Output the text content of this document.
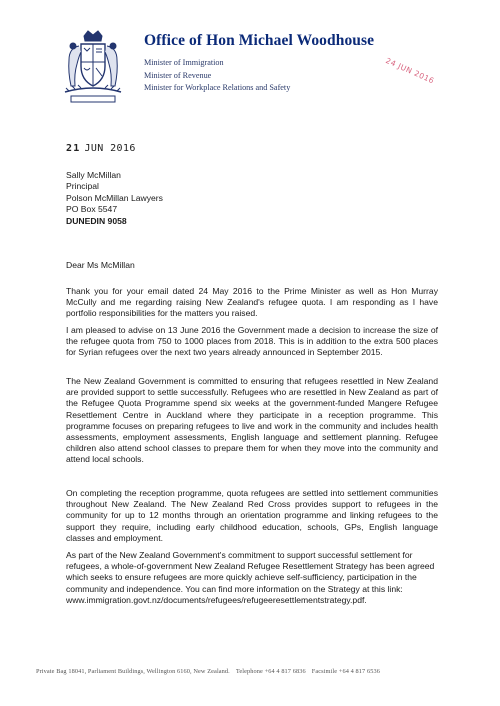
Office of Hon Michael Woodhouse
Minister of Immigration
Minister of Revenue
Minister for Workplace Relations and Safety
24 JUN 2016
21 JUN 2016
Sally McMillan
Principal
Polson McMillan Lawyers
PO Box 5547
DUNEDIN 9058
Dear Ms McMillan
Thank you for your email dated 24 May 2016 to the Prime Minister as well as Hon Murray McCully and me regarding raising New Zealand's refugee quota. I am responding as I have portfolio responsibilities for the matters you raised.
I am pleased to advise on 13 June 2016 the Government made a decision to increase the size of the refugee quota from 750 to 1000 places from 2018. This is in addition to the extra 500 places for Syrian refugees over the next two years already announced in September 2015.
The New Zealand Government is committed to ensuring that refugees resettled in New Zealand are provided support to settle successfully. Refugees who are resettled in New Zealand as part of the Refugee Quota Programme spend six weeks at the government-funded Mangere Refugee Resettlement Centre in Auckland where they participate in a reception programme. This programme focuses on preparing refugees to live and work in the community and includes health assessments, employment assessments, English language and settlement planning. Refugee children also attend school classes to prepare them for when they move into the community and attend local schools.
On completing the reception programme, quota refugees are settled into settlement communities throughout New Zealand. The New Zealand Red Cross provides support to refugees in the community for up to 12 months through an orientation programme and linking refugees to the support they require, including early childhood education, schools, GPs, English language classes and employment.
As part of the New Zealand Government's commitment to support successful settlement for refugees, a whole-of-government New Zealand Refugee Resettlement Strategy has been agreed which seeks to ensure refugees are more quickly achieve self-sufficiency, participation in the community and independence. You can find more information on the Strategy at this link:
www.immigration.govt.nz/documents/refugees/refugeeresettlementstrategy.pdf.
Private Bag 18041, Parliament Buildings, Wellington 6160, New Zealand. Telephone +64 4 817 6836 Facsimile +64 4 817 6536
